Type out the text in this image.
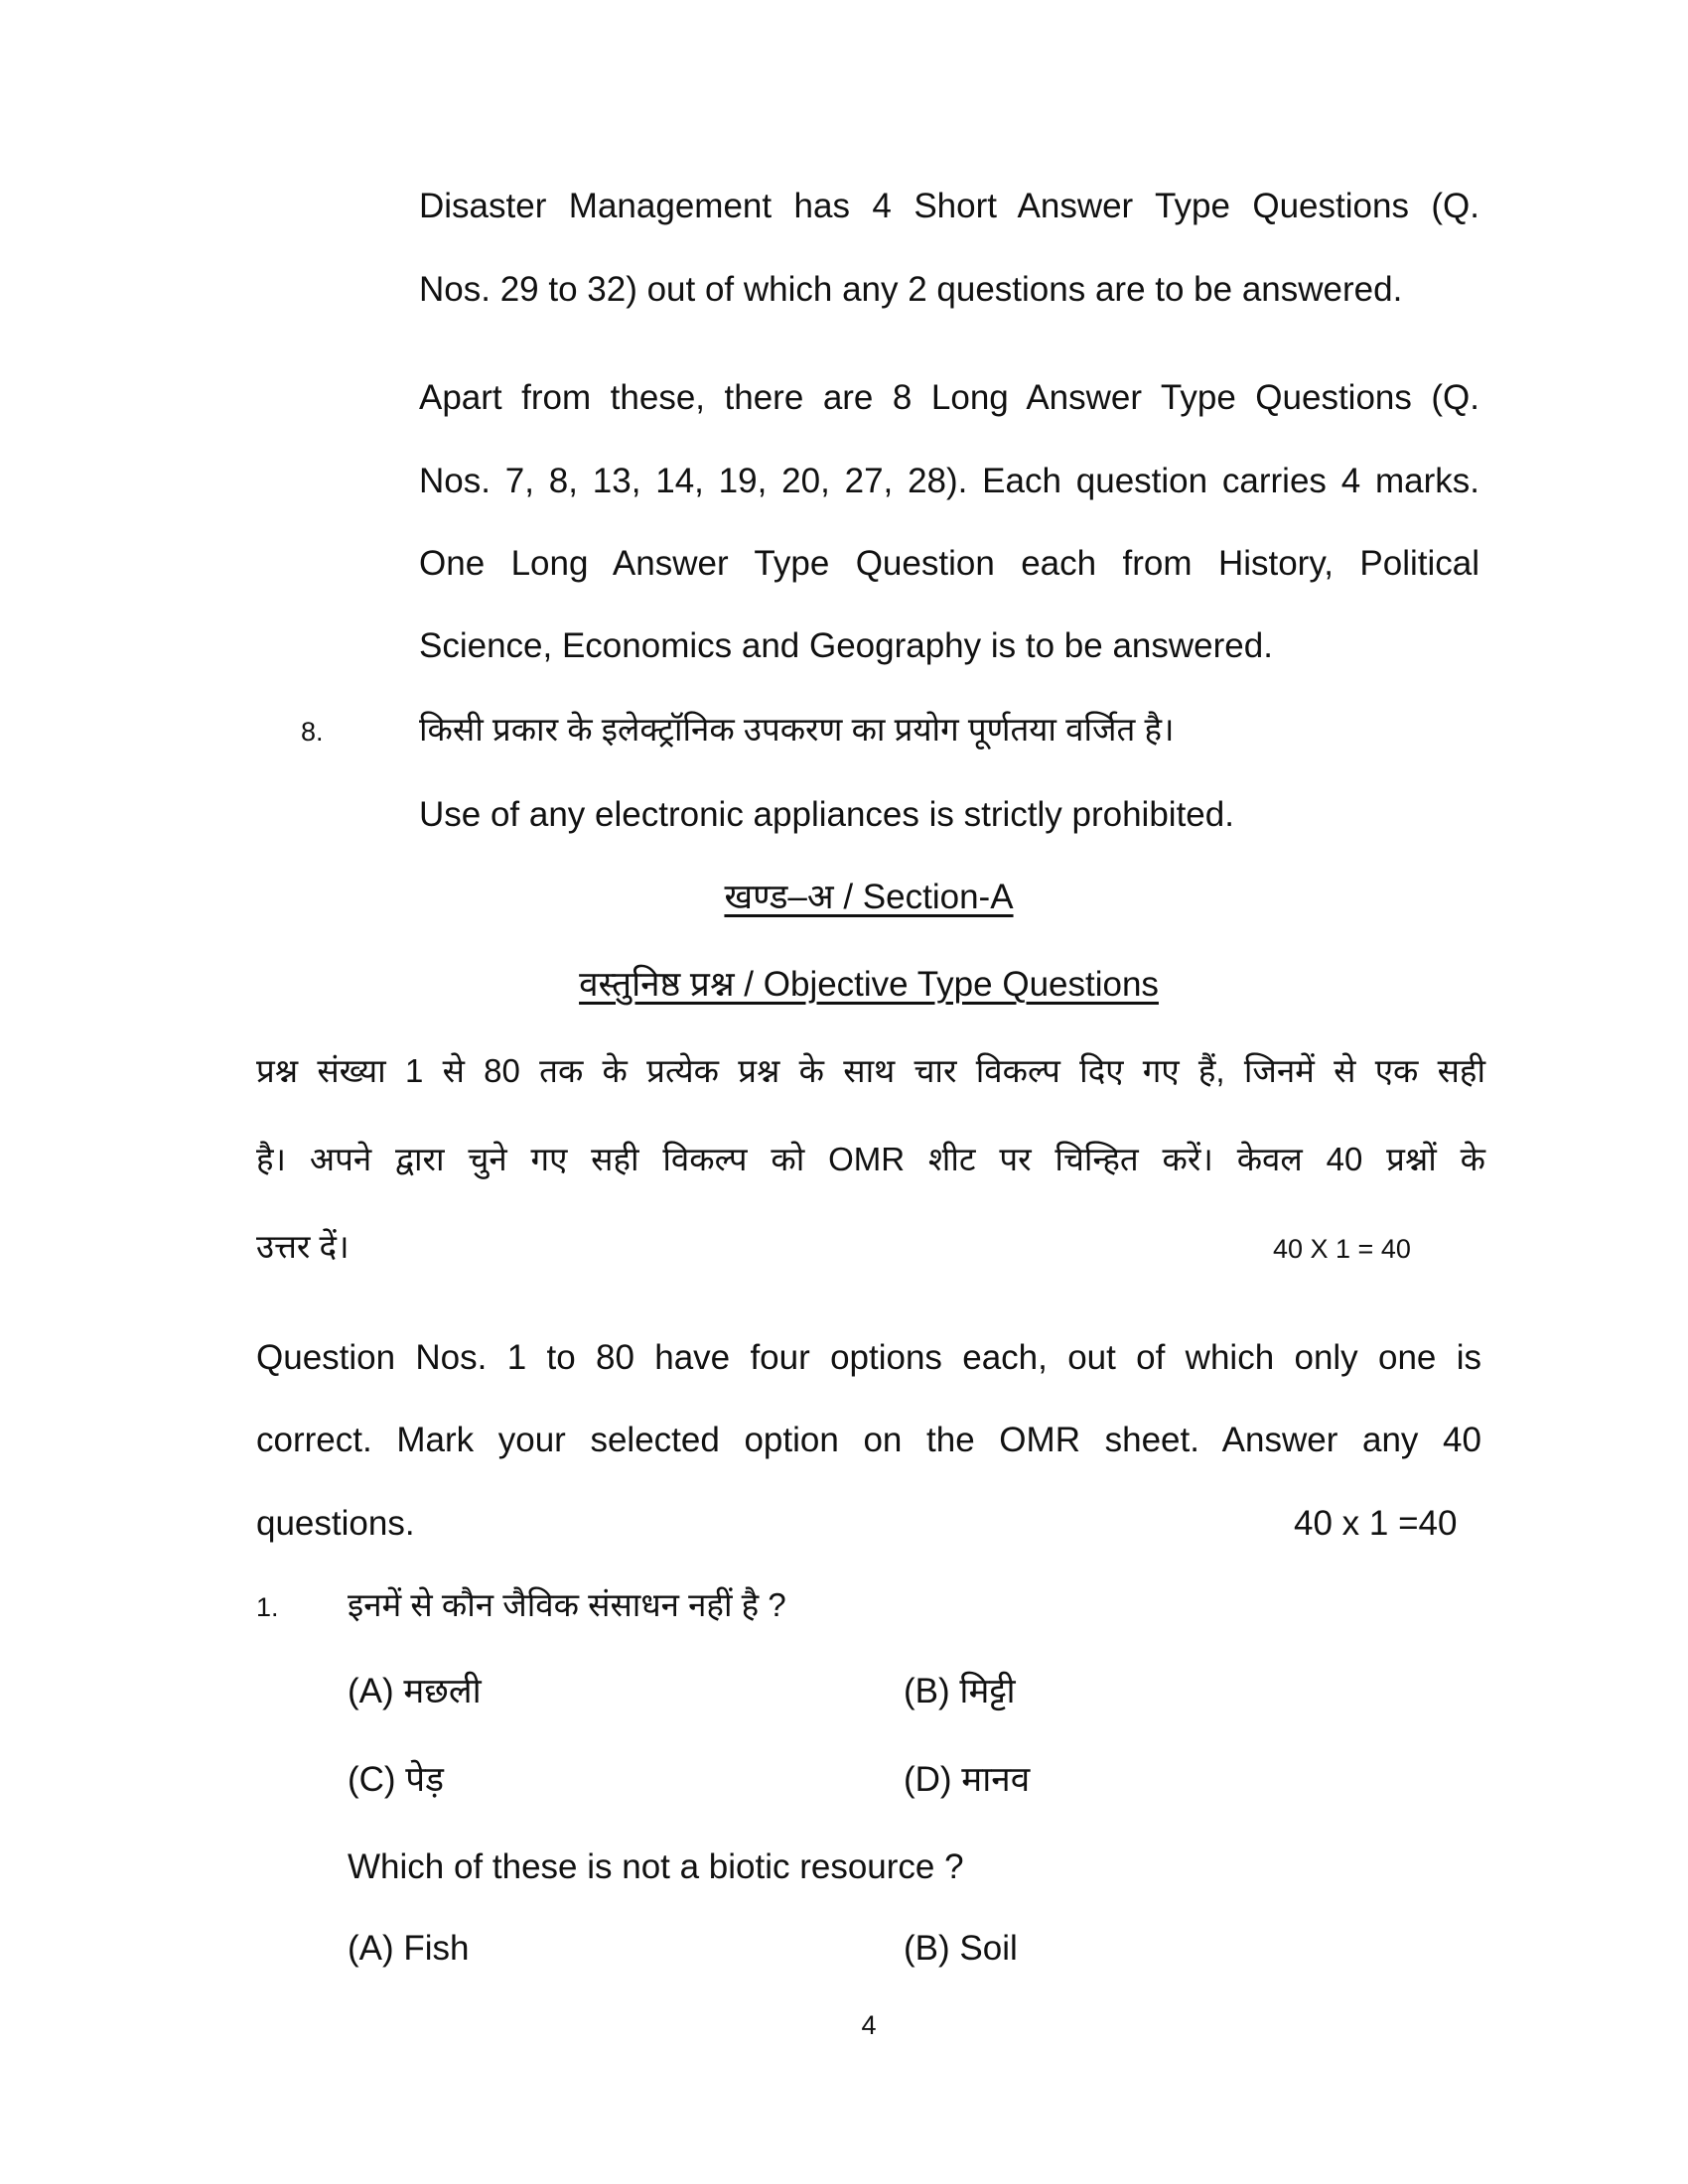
Disaster Management has 4 Short Answer Type Questions (Q.
Nos. 29 to 32) out of which any 2 questions are to be answered.
Apart from these, there are 8 Long Answer Type Questions (Q.
Nos. 7, 8, 13, 14, 19, 20, 27, 28). Each question carries 4 marks.
One Long Answer Type Question each from History, Political
Science, Economics and Geography is to be answered.
8.	किसी प्रकार के इलेक्ट्रॉनिक उपकरण का प्रयोग पूर्णतया वर्जित है।
Use of any electronic appliances is strictly prohibited.
खण्ड–अ / Section-A
वस्तुनिष्ठ प्रश्न / Objective Type Questions
प्रश्न संख्या 1 से 80 तक के प्रत्येक प्रश्न के साथ चार विकल्प दिए गए हैं, जिनमें से एक सही
है। अपने द्वारा चुने गए सही विकल्प को OMR शीट पर चिन्हित करें। केवल 40 प्रश्नों के
उत्तर दें।	40 X 1 = 40
Question Nos. 1 to 80 have four options each, out of which only one is
correct. Mark your selected option on the OMR sheet. Answer any 40
questions.	40 x 1 =40
1. इनमें से कौन जैविक संसाधन नहीं है ?
(A) मछली	(B) मिट्टी
(C) पेड़	(D) मानव
Which of these is not a biotic resource ?
(A) Fish	(B) Soil
4
